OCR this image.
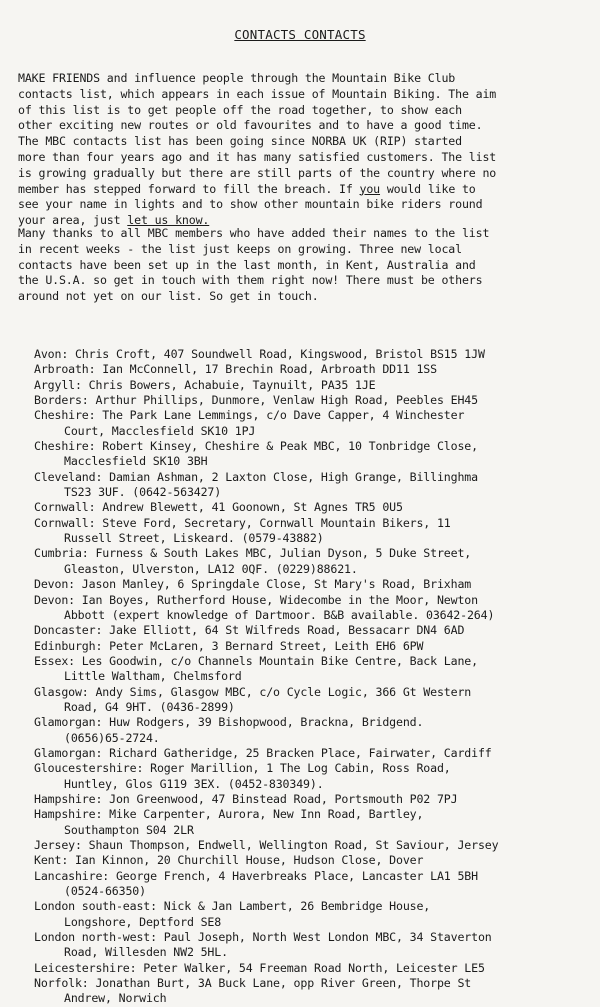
CONTACTS CONTACTS
MAKE FRIENDS and influence people through the Mountain Bike Club
contacts list, which appears in each issue of Mountain Biking. The aim
of this list is to get people off the road together, to show each
other exciting new routes or old favourites and to have a good time.
The MBC contacts list has been going since NORBA UK (RIP) started
more than four years ago and it has many satisfied customers. The list
is growing gradually but there are still parts of the country where no
member has stepped forward to fill the breach. If you would like to
see your name in lights and to show other mountain bike riders round
your area, just let us know.
Many thanks to all MBC members who have added their names to the list
in recent weeks - the list just keeps on growing. Three new local
contacts have been set up in the last month, in Kent, Australia and
the U.S.A. so get in touch with them right now! There must be others
around not yet on our list. So get in touch.
Avon: Chris Croft, 407 Soundwell Road, Kingswood, Bristol BS15 1JW
Arbroath: Ian McConnell, 17 Brechin Road, Arbroath DD11 1SS
Argyll: Chris Bowers, Achabuie, Taynuilt, PA35 1JE
Borders: Arthur Phillips, Dunmore, Venlaw High Road, Peebles EH45
Cheshire: The Park Lane Lemmings, c/o Dave Capper, 4 Winchester
Court, Macclesfield SK10 1PJ
Cheshire: Robert Kinsey, Cheshire & Peak MBC, 10 Tonbridge Close,
Macclesfield SK10 3BH
Cleveland: Damian Ashman, 2 Laxton Close, High Grange, Billinghma
TS23 3UF. (0642-563427)
Cornwall: Andrew Blewett, 41 Goonown, St Agnes TR5 0U5
Cornwall: Steve Ford, Secretary, Cornwall Mountain Bikers, 11
Russell Street, Liskeard. (0579-43882)
Cumbria: Furness & South Lakes MBC, Julian Dyson, 5 Duke Street,
Gleaston, Ulverston, LA12 0QF. (0229)88621.
Devon: Jason Manley, 6 Springdale Close, St Mary's Road, Brixham
Devon: Ian Boyes, Rutherford House, Widecombe in the Moor, Newton
Abbott (expert knowledge of Dartmoor. B&B available. 03642-264)
Doncaster: Jake Elliott, 64 St Wilfreds Road, Bessacarr DN4 6AD
Edinburgh: Peter McLaren, 3 Bernard Street, Leith EH6 6PW
Essex: Les Goodwin, c/o Channels Mountain Bike Centre, Back Lane,
Little Waltham, Chelmsford
Glasgow: Andy Sims, Glasgow MBC, c/o Cycle Logic, 366 Gt Western
Road, G4 9HT. (0436-2899)
Glamorgan: Huw Rodgers, 39 Bishopwood, Brackna, Bridgend.
(0656)65-2724.
Glamorgan: Richard Gatheridge, 25 Bracken Place, Fairwater, Cardiff
Gloucestershire: Roger Marillion, 1 The Log Cabin, Ross Road,
Huntley, Glos G119 3EX. (0452-830349).
Hampshire: Jon Greenwood, 47 Binstead Road, Portsmouth P02 7PJ
Hampshire: Mike Carpenter, Aurora, New Inn Road, Bartley,
Southampton S04 2LR
Jersey: Shaun Thompson, Endwell, Wellington Road, St Saviour, Jersey
Kent: Ian Kinnon, 20 Churchill House, Hudson Close, Dover
Lancashire: George French, 4 Haverbreaks Place, Lancaster LA1 5BH
(0524-66350)
London south-east: Nick & Jan Lambert, 26 Bembridge House,
Longshore, Deptford SE8
London north-west: Paul Joseph, North West London MBC, 34 Staverton
Road, Willesden NW2 5HL.
Leicestershire: Peter Walker, 54 Freeman Road North, Leicester LE5
Norfolk: Jonathan Burt, 3A Buck Lane, opp River Green, Thorpe St
Andrew, Norwich
